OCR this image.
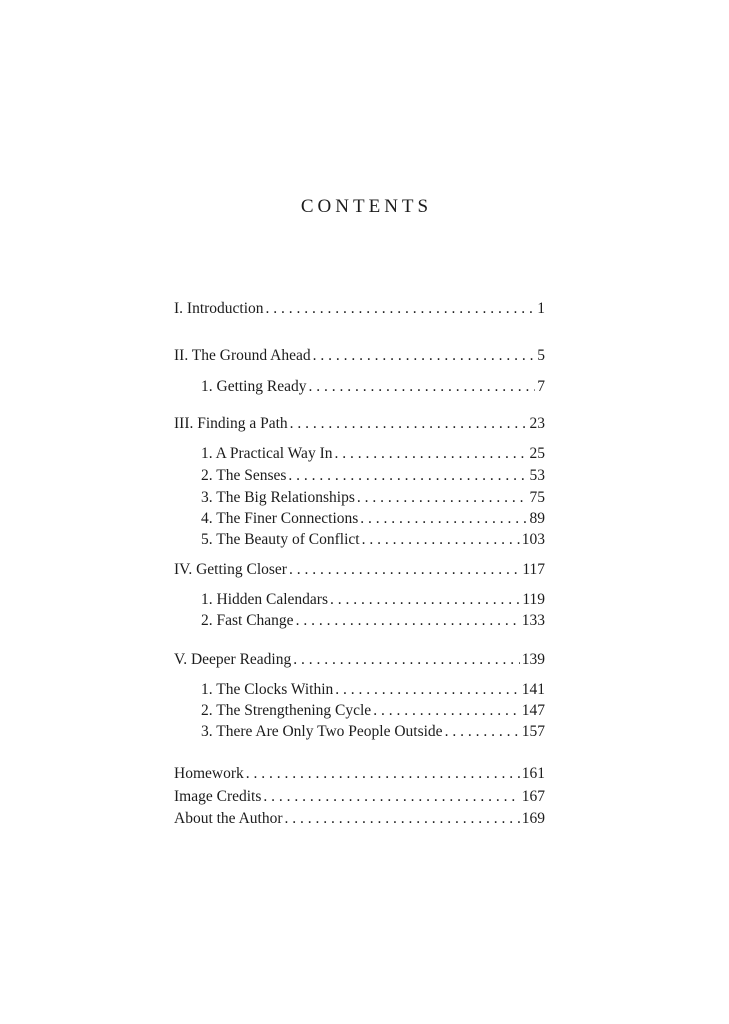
CONTENTS
I. Introduction . . .	1
II. The Ground Ahead . . .	5
1. Getting Ready . . .	7
III. Finding a Path . . .	23
1. A Practical Way In . . .	25
2. The Senses . . .	53
3. The Big Relationships . . .	75
4. The Finer Connections . . .	89
5. The Beauty of Conflict . . .	103
IV. Getting Closer . . .	117
1. Hidden Calendars . . .	119
2. Fast Change . . .	133
V. Deeper Reading . . .	139
1. The Clocks Within . . .	141
2. The Strengthening Cycle . . .	147
3. There Are Only Two People Outside . . .	157
Homework . . .	161
Image Credits . . .	167
About the Author . . .	169
